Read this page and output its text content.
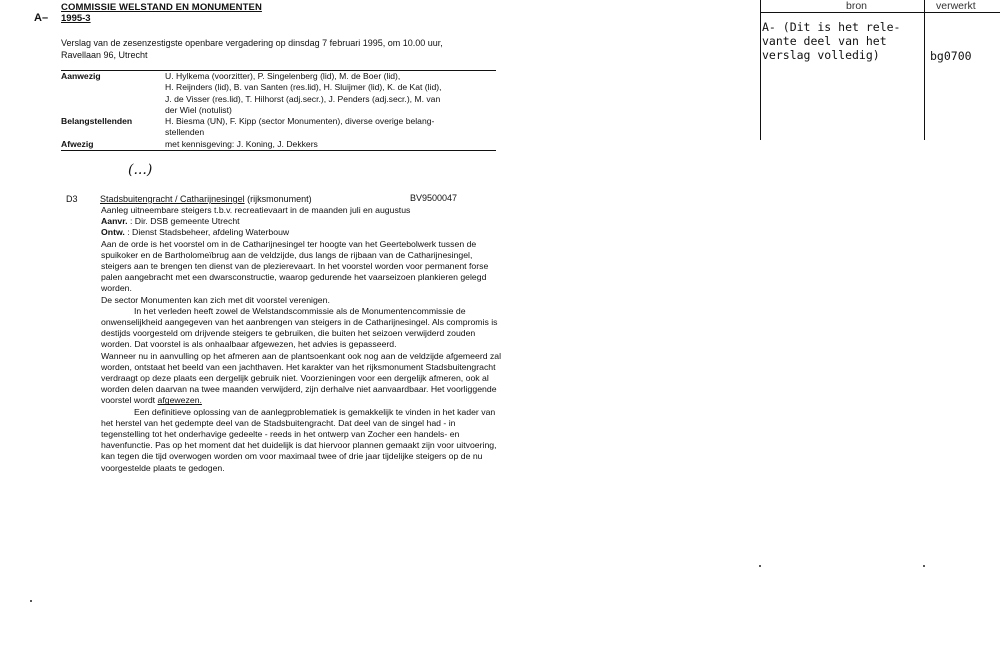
COMMISSIE WELSTAND EN MONUMENTEN
A– 1995-3
Verslag van de zesenzestigste openbare vergadering op dinsdag 7 februari 1995, om 10.00 uur,
Ravellaan 96, Utrecht
Aanwezig	U. Hylkema (voorzitter), P. Singelenberg (lid), M. de Boer (lid),
H. Reijnders (lid), B. van Santen (res.lid), H. Sluijmer (lid), K. de Kat (lid),
J. de Visser (res.lid), T. Hilhorst (adj.secr.), J. Penders (adj.secr.), M. van
der Wiel (notulist)
Belangstellenden	H. Biesma (UN), F. Kipp (sector Monumenten), diverse overige belang-
stellenden
Afwezig	met kennisgeving: J. Koning, J. Dekkers
(...)
D3 Stadsbuitengracht / Catharijnesingel (rijksmonument)	BV9500047

Aanleg uitneembare steigers t.b.v. recreatievaart in de maanden juli en augustus

Aanvr. : Dir. DSB gemeente Utrecht

Ontw. : Dienst Stadsbeheer, afdeling Waterbouw

Aan de orde is het voorstel om in de Catharijnesingel ter hoogte van het Geertebolwerk tussen de spuikoker en de Bartholomeïbrug aan de veldzijde, dus langs de rijbaan van de Catharijnesingel, steigers aan te brengen ten dienst van de plezierevaart. In het voorstel worden voor permanent forse palen aangebracht met een dwarsconstructie, waarop gedurende het vaarseizoen plankieren gelegd worden.

De sector Monumenten kan zich met dit voorstel verenigen.

In het verleden heeft zowel de Welstandscommissie als de Monumentencommissie de onwenselijkheid aangegeven van het aanbrengen van steigers in de Catharijnesingel. Als compromis is destijds voorgesteld om drijvende steigers te gebruiken, die buiten het seizoen verwijderd zouden worden. Dat voorstel is als onhaalbaar afgewezen, het advies is gepasseerd.

Wanneer nu in aanvulling op het afmeren aan de plantsoenkant ook nog aan de veldzijde afgemeerd zal worden, ontstaat het beeld van een jachthaven. Het karakter van het rijksmonument Stadsbuitengracht verdraagt op deze plaats een dergelijk gebruik niet. Voorzieningen voor een dergelijk afmeren, ook al worden delen daarvan na twee maanden verwijderd, zijn derhalve niet aanvaardbaar. Het voorliggende voorstel wordt afgewezen.

Een definitieve oplossing van de aanlegproblematiek is gemakkelijk te vinden in het kader van het herstel van het gedempte deel van de Stadsbuitengracht. Dat deel van de singel had - in tegenstelling tot het onderhavige gedeelte - reeds in het ontwerp van Zocher een handels- en havenfunctie. Pas op het moment dat het duidelijk is dat hiervoor plannen gemaakt zijn voor uitvoering, kan tegen die tijd overwogen worden om voor maximaal twee of drie jaar tijdelijke steigers op de nu voorgestelde plaats te gedogen.

bron	verwerkt
A- (Dit is het rele-
vante deel van het
verslag volledig)	bg0700
